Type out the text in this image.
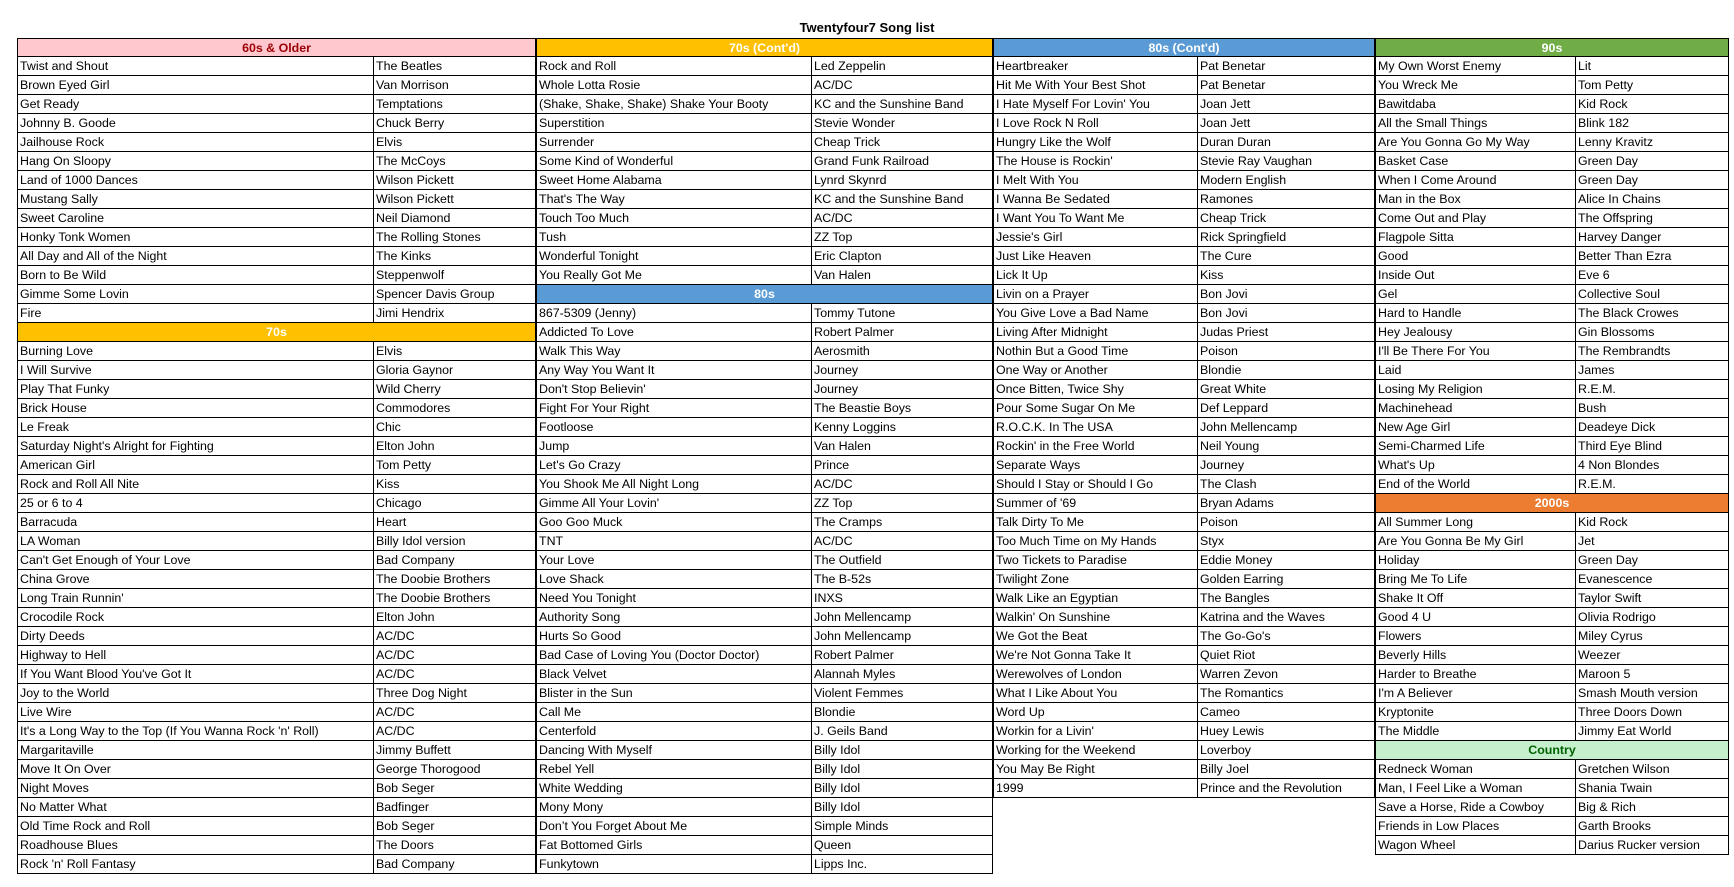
Twentyfour7 Song list
60s & Older
Twist and Shout	The Beatles
Brown Eyed Girl	Van Morrison
Get Ready	Temptations
Johnny B. Goode	Chuck Berry
Jailhouse Rock	Elvis
Hang On Sloopy	The McCoys
Land of 1000 Dances	Wilson Pickett
Mustang Sally	Wilson Pickett
Sweet Caroline	Neil Diamond
Honky Tonk Women	The Rolling Stones
All Day and All of the Night	The Kinks
Born to Be Wild	Steppenwolf
Gimme Some Lovin	Spencer Davis Group
Fire	Jimi Hendrix
70s
Burning Love	Elvis
I Will Survive	Gloria Gaynor
Play That Funky	Wild Cherry
Brick House	Commodores
Le Freak	Chic
Saturday Night's Alright for Fighting	Elton John
American Girl	Tom Petty
Rock and Roll All Nite	Kiss
25 or 6 to 4	Chicago
Barracuda	Heart
LA Woman	Billy Idol version
Can't Get Enough of Your Love	Bad Company
China Grove	The Doobie Brothers
Long Train Runnin'	The Doobie Brothers
Crocodile Rock	Elton John
Dirty Deeds	AC/DC
Highway to Hell	AC/DC
If You Want Blood You've Got It	AC/DC
Joy to the World	Three Dog Night
Live Wire	AC/DC
It's a Long Way to the Top (If You Wanna Rock 'n' Roll)	AC/DC
Margaritaville	Jimmy Buffett
Move It On Over	George Thorogood
Night Moves	Bob Seger
No Matter What	Badfinger
Old Time Rock and Roll	Bob Seger
Roadhouse Blues	The Doors
Rock 'n' Roll Fantasy	Bad Company
70s (Cont'd)
Rock and Roll	Led Zeppelin
Whole Lotta Rosie	AC/DC
(Shake, Shake, Shake) Shake Your Booty	KC and the Sunshine Band
Superstition	Stevie Wonder
Surrender	Cheap Trick
Some Kind of Wonderful	Grand Funk Railroad
Sweet Home Alabama	Lynrd Skynrd
That's The Way	KC and the Sunshine Band
Touch Too Much	AC/DC
Tush	ZZ Top
Wonderful Tonight	Eric Clapton
You Really Got Me	Van Halen
80s
867-5309 (Jenny)	Tommy Tutone
Addicted To Love	Robert Palmer
Walk This Way	Aerosmith
Any Way You Want It	Journey
Don't Stop Believin'	Journey
Fight For Your Right	The Beastie Boys
Footloose	Kenny Loggins
Jump	Van Halen
Let's Go Crazy	Prince
You Shook Me All Night Long	AC/DC
Gimme All Your Lovin'	ZZ Top
Goo Goo Muck	The Cramps
TNT	AC/DC
Your Love	The Outfield
Love Shack	The B-52s
Need You Tonight	INXS
Authority Song	John Mellencamp
Hurts So Good	John Mellencamp
Bad Case of Loving You (Doctor Doctor)	Robert Palmer
Black Velvet	Alannah Myles
Blister in the Sun	Violent Femmes
Call Me	Blondie
Centerfold	J. Geils Band
Dancing With Myself	Billy Idol
Rebel Yell	Billy Idol
White Wedding	Billy Idol
Mony Mony	Billy Idol
Don’t You Forget About Me	Simple Minds
Fat Bottomed Girls	Queen
Funkytown	Lipps Inc.
80s (Cont'd)
Heartbreaker	Pat Benetar
Hit Me With Your Best Shot	Pat Benetar
I Hate Myself For Lovin' You	Joan Jett
I Love Rock N Roll	Joan Jett
Hungry Like the Wolf	Duran Duran
The House is Rockin'	Stevie Ray Vaughan
I Melt With You	Modern English
I Wanna Be Sedated	Ramones
I Want You To Want Me	Cheap Trick
Jessie's Girl	Rick Springfield
Just Like Heaven	The Cure
Lick It Up	Kiss
Livin on a Prayer	Bon Jovi
You Give Love a Bad Name	Bon Jovi
Living After Midnight	Judas Priest
Nothin But a Good Time	Poison
One Way or Another	Blondie
Once Bitten, Twice Shy	Great White
Pour Some Sugar On Me	Def Leppard
R.O.C.K. In The USA	John Mellencamp
Rockin' in the Free World	Neil Young
Separate Ways	Journey
Should I Stay or Should I Go	The Clash
Summer of '69	Bryan Adams
Talk Dirty To Me	Poison
Too Much Time on My Hands	Styx
Two Tickets to Paradise	Eddie Money
Twilight Zone	Golden Earring
Walk Like an Egyptian	The Bangles
Walkin' On Sunshine	Katrina and the Waves
We Got the Beat	The Go-Go's
We're Not Gonna Take It	Quiet Riot
Werewolves of London	Warren Zevon
What I Like About You	The Romantics
Word Up	Cameo
Workin for a Livin'	Huey Lewis
Working for the Weekend	Loverboy
You May Be Right	Billy Joel
1999	Prince and the Revolution
90s
My Own Worst Enemy	Lit
You Wreck Me	Tom Petty
Bawitdaba	Kid Rock
All the Small Things	Blink 182
Are You Gonna Go My Way	Lenny Kravitz
Basket Case	Green Day
When I Come Around	Green Day
Man in the Box	Alice In Chains
Come Out and Play	The Offspring
Flagpole Sitta	Harvey Danger
Good	Better Than Ezra
Inside Out	Eve 6
Gel	Collective Soul
Hard to Handle	The Black Crowes
Hey Jealousy	Gin Blossoms
I'll Be There For You	The Rembrandts
Laid	James
Losing My Religion	R.E.M.
Machinehead	Bush
New Age Girl	Deadeye Dick
Semi-Charmed Life	Third Eye Blind
What's Up	4 Non Blondes
End of the World	R.E.M.
2000s
All Summer Long	Kid Rock
Are You Gonna Be My Girl	Jet
Holiday	Green Day
Bring Me To Life	Evanescence
Shake It Off	Taylor Swift
Good 4 U	Olivia Rodrigo
Flowers	Miley Cyrus
Beverly Hills	Weezer
Harder to Breathe	Maroon 5
I'm A Believer	Smash Mouth version
Kryptonite	Three Doors Down
The Middle	Jimmy Eat World
Country
Redneck Woman	Gretchen Wilson
Man, I Feel Like a Woman	Shania Twain
Save a Horse, Ride a Cowboy	Big & Rich
Friends in Low Places	Garth Brooks
Wagon Wheel	Darius Rucker version
